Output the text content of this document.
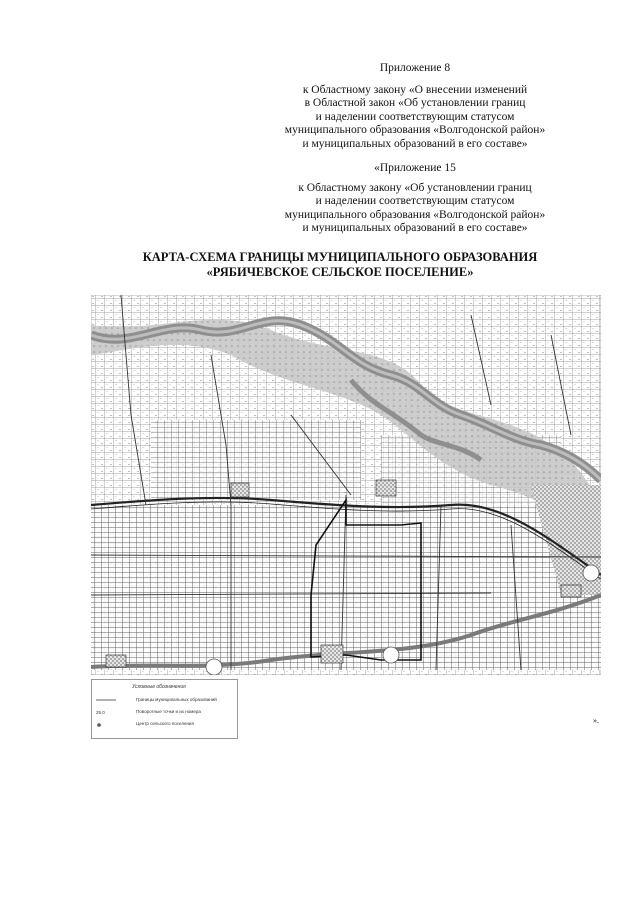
Приложение 8
к Областному закону «О внесении изменений
в Областной закон «Об установлении границ
и наделении соответствующим статусом
муниципального образования «Волгодонской район»
и муниципальных образований в его составе»
«Приложение 15
к Областному закону «Об установлении границ
и наделении соответствующим статусом
муниципального образования «Волгодонской район»
и муниципальных образований в его составе»
КАРТА-СХЕМА ГРАНИЦЫ МУНИЦИПАЛЬНОГО ОБРАЗОВАНИЯ
«РЯБИЧЕВСКОЕ СЕЛЬСКОЕ ПОСЕЛЕНИЕ»
Условные обозначения
Границы муниципальных образований
25.0	Поворотные точки и их номера
Центр сельского поселения	».
